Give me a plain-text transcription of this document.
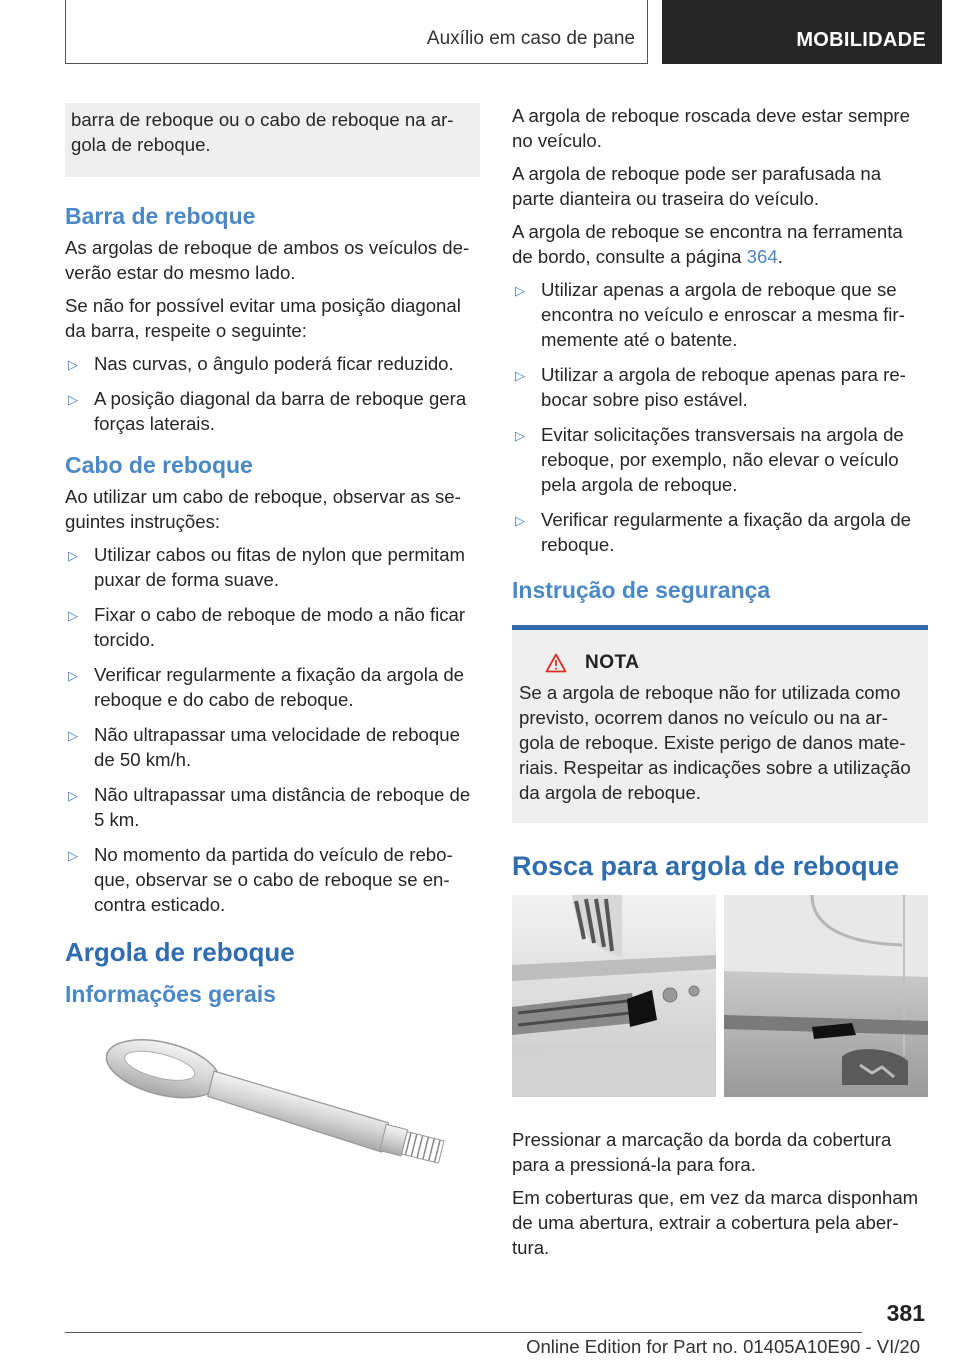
Auxílio em caso de pane	MOBILIDADE

barra de reboque ou o cabo de reboque na ar-gola de reboque.

Barra de reboque

As argolas de reboque de ambos os veículos de-verão estar do mesmo lado.

Se não for possível evitar uma posição diagonal da barra, respeite o seguinte:

▷ Nas curvas, o ângulo poderá ficar reduzido.
▷ A posição diagonal da barra de reboque gera forças laterais.
Cabo de reboque

Ao utilizar um cabo de reboque, observar as se-guintes instruções:

▷ Utilizar cabos ou fitas de nylon que permitam puxar de forma suave.
▷ Fixar o cabo de reboque de modo a não ficar torcido.
▷ Verificar regularmente a fixação da argola de reboque e do cabo de reboque.
▷ Não ultrapassar uma velocidade de reboque de 50 km/h.
▷ Não ultrapassar uma distância de reboque de 5 km.
▷ No momento da partida do veículo de rebo-que, observar se o cabo de reboque se en-contra esticado.
Argola de reboque
Informações gerais

A argola de reboque roscada deve estar sempre no veículo.

A argola de reboque pode ser parafusada na parte dianteira ou traseira do veículo.

A argola de reboque se encontra na ferramenta de bordo, consulte a página 364.

▷ Utilizar apenas a argola de reboque que se encontra no veículo e enroscar a mesma fir-memente até o batente.
▷ Utilizar a argola de reboque apenas para re-bocar sobre piso estável.
▷ Evitar solicitações transversais na argola de reboque, por exemplo, não elevar o veículo pela argola de reboque.
▷ Verificar regularmente a fixação da argola de reboque.
Instrução de segurança
NOTA

Se a argola de reboque não for utilizada como previsto, ocorrem danos no veículo ou na ar-gola de reboque. Existe perigo de danos mate-riais. Respeitar as indicações sobre a utilização da argola de reboque.

Rosca para argola de reboque

Pressionar a marcação da borda da cobertura para a pressioná-la para fora.

Em coberturas que, em vez da marca disponham de uma abertura, extrair a cobertura pela aber-tura.

381
Online Edition for Part no. 01405A10E90 - VI/20
